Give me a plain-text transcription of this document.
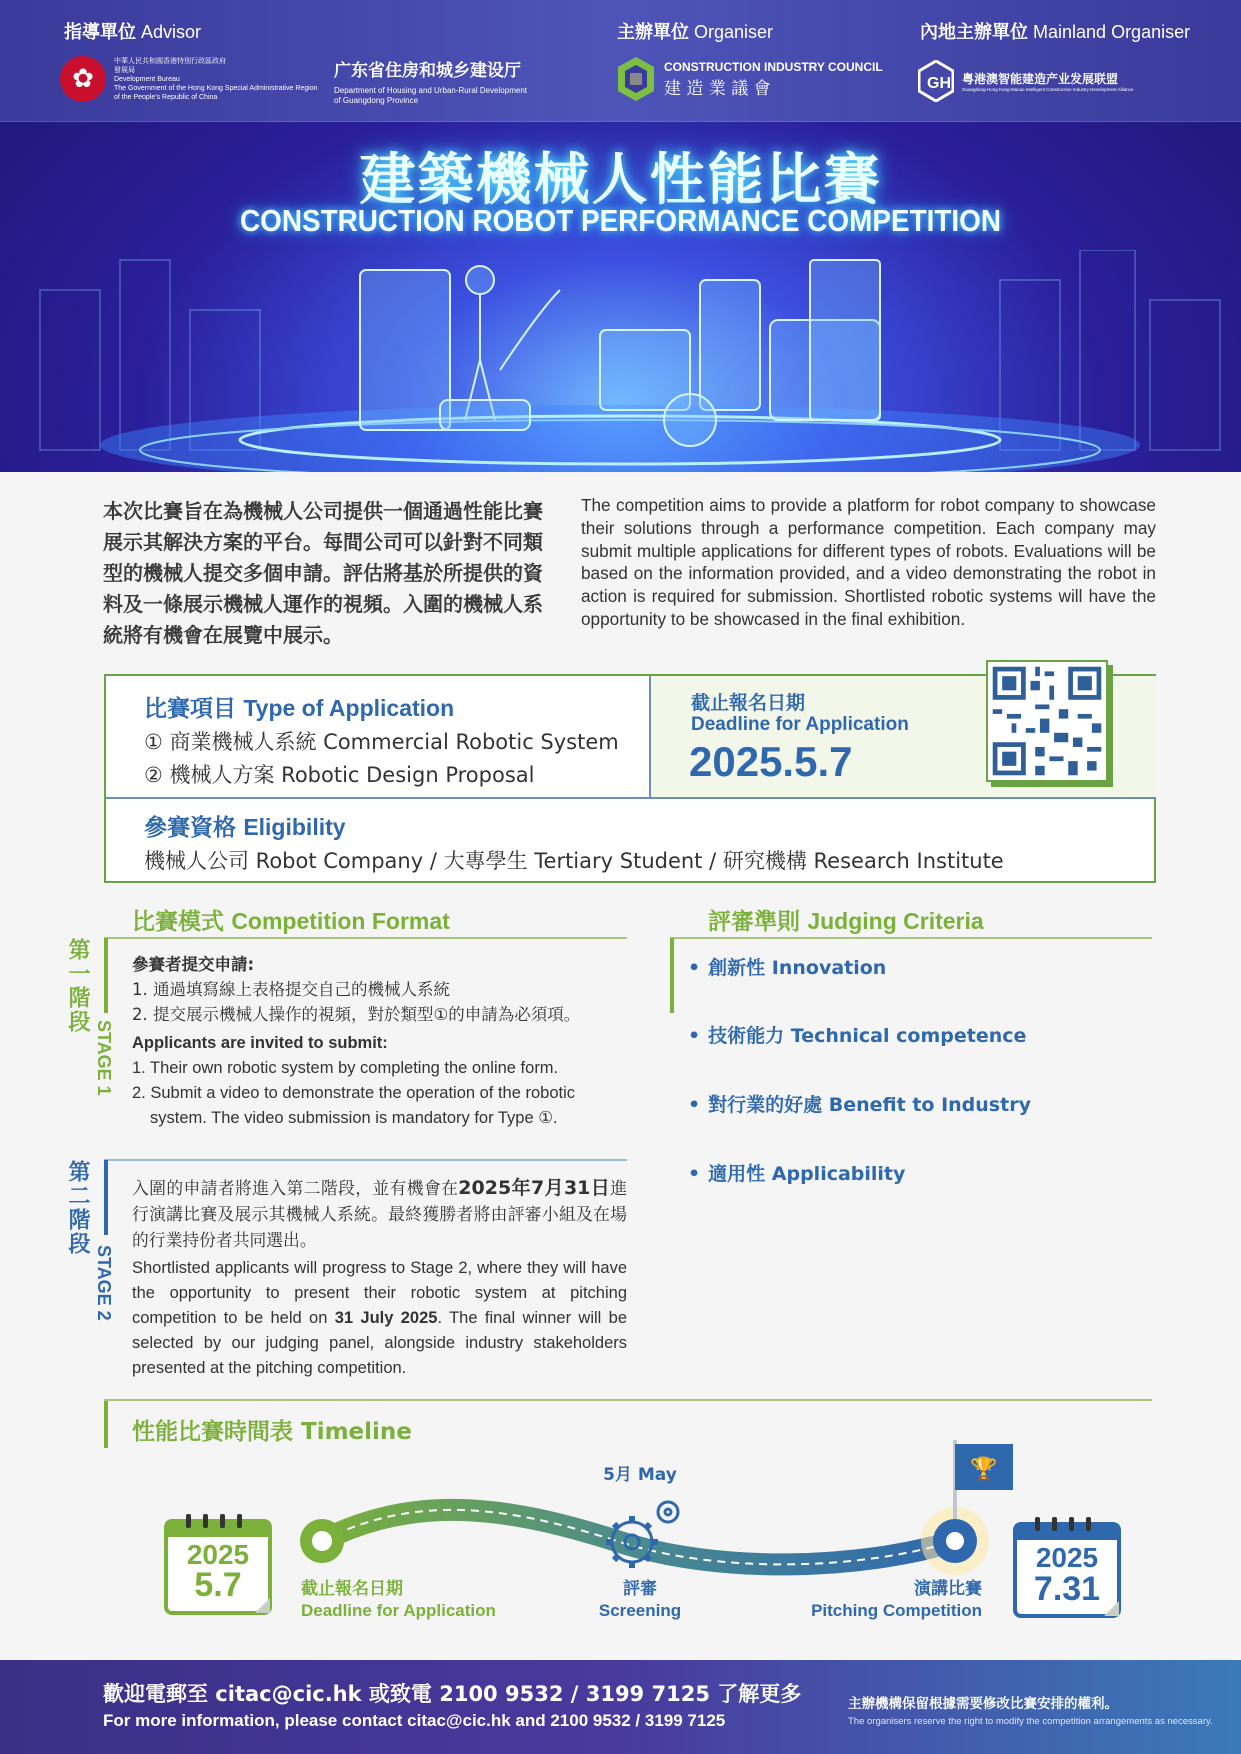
指導單位 Advisor	主辦單位 Organiser	內地主辦單位 Mainland Organiser
✿
中華人民共和國香港特別行政區政府
發展局
Development Bureau
The Government of the Hong Kong Special Administrative Region
of the People's Republic of China
广东省住房和城乡建设厅
Department of Housing and Urban-Rural Development
of Guangdong Province
CONSTRUCTION INDUSTRY COUNCIL
建 造 業 議 會	GH 粤港澳智能建造产业发展联盟
Guangdong-Hong Kong-Macao Intelligent Construction Industry Development Alliance
建築機械人性能比賽
CONSTRUCTION ROBOT PERFORMANCE COMPETITION
本次比賽旨在為機械人公司提供一個通過性能比賽展示其解決方案的平台。每間公司可以針對不同類型的機械人提交多個申請。評估將基於所提供的資料及一條展示機械人運作的視頻。入圍的機械人系統將有機會在展覽中展示。
The competition aims to provide a platform for robot company to showcase their solutions through a performance competition. Each company may submit multiple applications for different types of robots. Evaluations will be based on the information provided, and a video demonstrating the robot in action is required for submission. Shortlisted robotic systems will have the opportunity to be showcased in the final exhibition.
比賽項目 Type of Application
① 商業機械人系統 Commercial Robotic System
② 機械人方案 Robotic Design Proposal
截止報名日期
Deadline for Application
2025.5.7
參賽資格 Eligibility
機械人公司 Robot Company / 大專學生 Tertiary Student / 研究機構 Research Institute
比賽模式 Competition Format
第一階段
STAGE 1
參賽者提交申請:
1. 通過填寫線上表格提交自己的機械人系統
2. 提交展示機械人操作的視頻，對於類型①的申請為必須項。
Applicants are invited to submit:
1. Their own robotic system by completing the online form.
2. Submit a video to demonstrate the operation of the robotic
system. The video submission is mandatory for Type ①.
第二階段
STAGE 2
入圍的申請者將進入第二階段，並有機會在2025年7月31日進行演講比賽及展示其機械人系統。最終獲勝者將由評審小組及在場的行業持份者共同選出。
Shortlisted applicants will progress to Stage 2, where they will have the opportunity to present their robotic system at pitching competition to be held on 31 July 2025. The final winner will be selected by our judging panel, alongside industry stakeholders presented at the pitching competition.
評審準則 Judging Criteria
• 創新性 Innovation
• 技術能力 Technical competence
• 對行業的好處 Benefit to Industry
• 適用性 Applicability
性能比賽時間表 Timeline
2025
5.7
🏆
2025
7.31
5月 May
截止報名日期
Deadline for Application
評審
Screening
演講比賽
Pitching Competition
歡迎電郵至 citac@cic.hk 或致電 2100 9532 / 3199 7125 了解更多
For more information, please contact citac@cic.hk and 2100 9532 / 3199 7125
主辦機構保留根據需要修改比賽安排的權利。
The organisers reserve the right to modify the competition arrangements as necessary.
